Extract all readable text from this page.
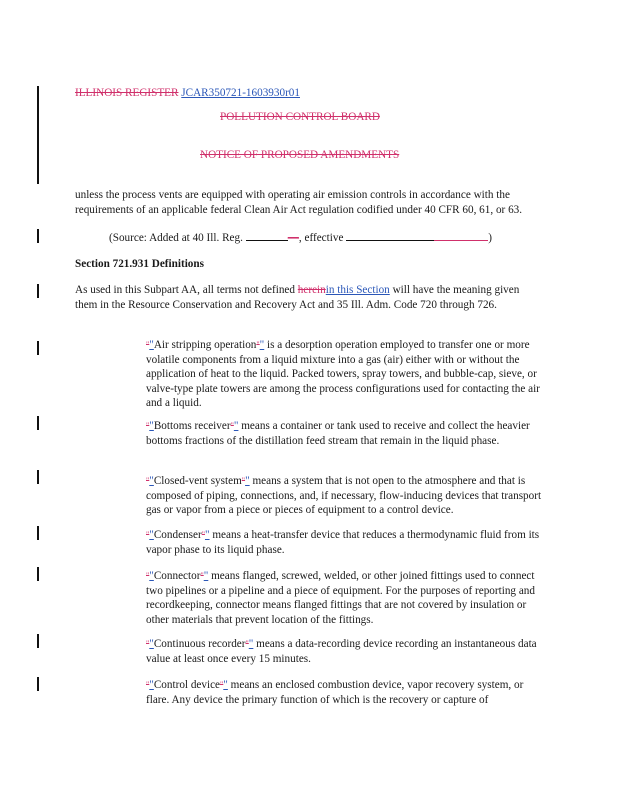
ILLINOIS REGISTER JCAR350721-1603930r01
POLLUTION CONTROL BOARD
NOTICE OF PROPOSED AMENDMENTS
unless the process vents are equipped with operating air emission controls in accordance with the requirements of an applicable federal Clean Air Act regulation codified under 40 CFR 60, 61, or 63.
(Source: Added at 40 Ill. Reg.	—, effective	)
Section 721.931 Definitions
As used in this Subpart AA, all terms not defined hereinin this Section will have the meaning given them in the Resource Conservation and Recovery Act and 35 Ill. Adm. Code 720 through 726.
""Air stripping operation"" is a desorption operation employed to transfer one or more volatile components from a liquid mixture into a gas (air) either with or without the application of heat to the liquid. Packed towers, spray towers, and bubble-cap, sieve, or valve-type plate towers are among the process configurations used for contacting the air and a liquid.
""Bottoms receiver"" means a container or tank used to receive and collect the heavier bottoms fractions of the distillation feed stream that remain in the liquid phase.
""Closed-vent system"" means a system that is not open to the atmosphere and that is composed of piping, connections, and, if necessary, flow-inducing devices that transport gas or vapor from a piece or pieces of equipment to a control device.
""Condenser"" means a heat-transfer device that reduces a thermodynamic fluid from its vapor phase to its liquid phase.
""Connector"" means flanged, screwed, welded, or other joined fittings used to connect two pipelines or a pipeline and a piece of equipment. For the purposes of reporting and recordkeeping, connector means flanged fittings that are not covered by insulation or other materials that prevent location of the fittings.
""Continuous recorder"" means a data-recording device recording an instantaneous data value at least once every 15 minutes.
""Control device"" means an enclosed combustion device, vapor recovery system, or flare. Any device the primary function of which is the recovery or capture of
